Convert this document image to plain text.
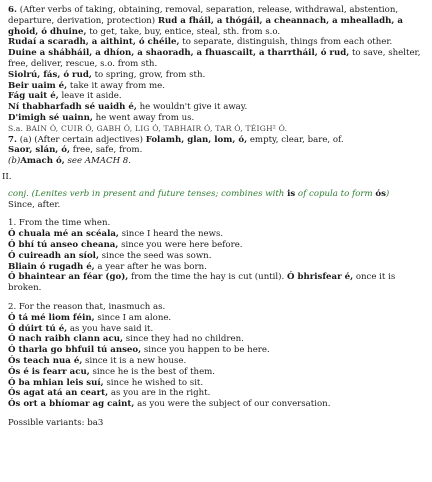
6. (After verbs of taking, obtaining, removal, separation, release, withdrawal, abstention, departure, derivation, protection) Rud a fháil, a thógáil, a cheannach, a mhealladh, a ghoid, ó dhuine, to get, take, buy, entice, steal, sth. from s.o.

Rudaí a scaradh, a aithint, ó chéile, to separate, distinguish, things from each other.

Duine a shábháil, a dhíon, a shaoradh, a fhuascailt, a tharrtháil, ó rud, to save, shelter, free, deliver, rescue, s.o. from sth.

Siolrú, fás, ó rud, to spring, grow, from sth.

Beir uaim é, take it away from me.

Fág uait é, leave it aside.

Ní thabharfadh sé uaidh é, he wouldn't give it away.

D'imigh sé uainn, he went away from us.

S.a. BAIN Ó, CUIR Ó, GABH Ó, LIG Ó, TABHAIR Ó, TAR Ó, TÉIGH² Ó.

7. (a) (After certain adjectives) Folamh, glan, lom, ó, empty, clear, bare, of.

Saor, slán, ó, free, safe, from.

(b)Amach ó, see AMACH 8.

II.

conj. (Lenites verb in present and future tenses; combines with is of copula to form ós)

Since, after.

1. From the time when.

Ó chuala mé an scéala, since I heard the news.

Ó bhí tú anseo cheana, since you were here before.

Ó cuireadh an síol, since the seed was sown.

Bliain ó rugadh é, a year after he was born.

Ó bhaintear an féar (go), from the time the hay is cut (until). Ó bhrisfear é, once it is broken.

2. For the reason that, inasmuch as.

Ó tá mé liom féin, since I am alone.

Ó dúirt tú é, as you have said it.

Ó nach raibh clann acu, since they had no children.

Ó tharla go bhfuil tú anseo, since you happen to be here.

Ós teach nua é, since it is a new house.

Ós é is fearr acu, since he is the best of them.

Ó ba mhian leis suí, since he wished to sit.

Ós agat atá an ceart, as you are in the right.

Ós ort a bhíomar ag caint, as you were the subject of our conversation.

Possible variants: ba3
